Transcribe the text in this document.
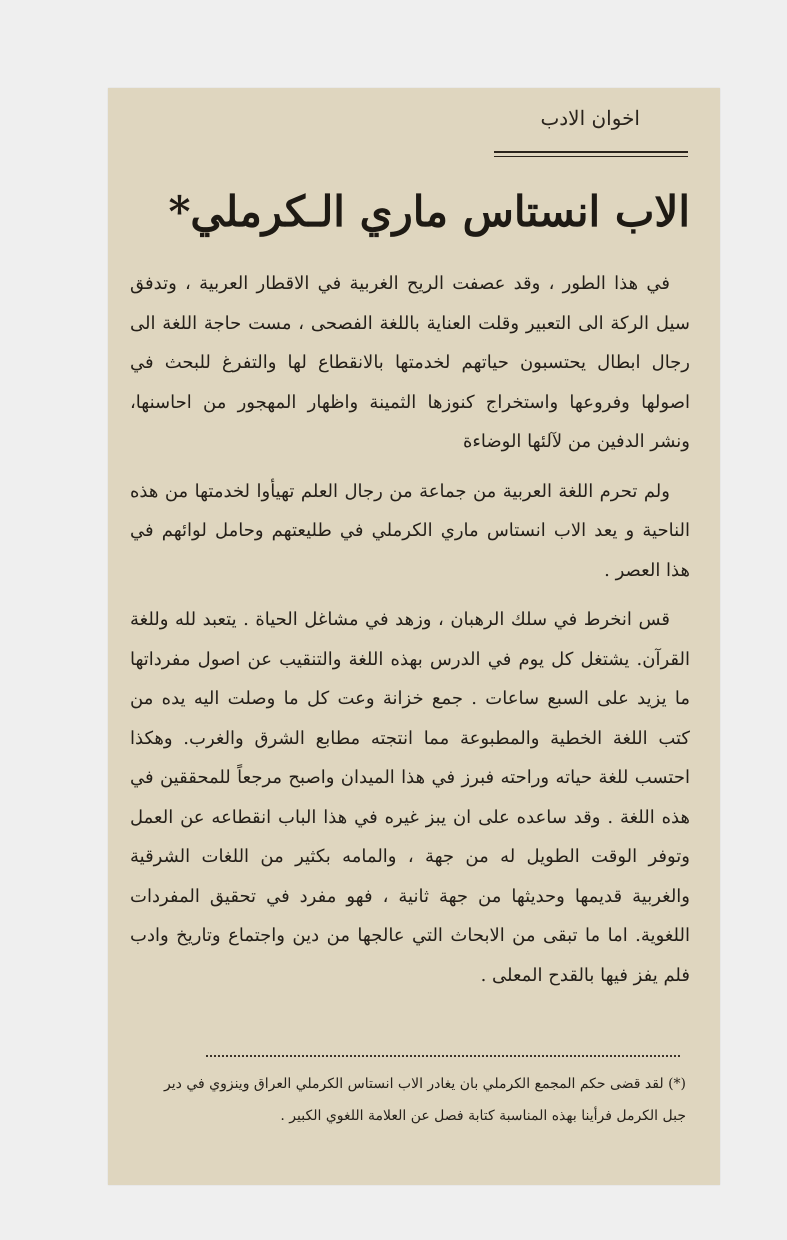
اخوان الادب
الاب انستاس ماري الـكرملي*

في هذا الطور ، وقد عصفت الريح الغربية في الاقطار العربية ، وتدفق سيل الركة الى التعبير وقلت العناية باللغة الفصحى ، مست حاجة اللغة الى رجال ابطال يحتسبون حياتهم لخدمتها بالانقطاع لها والتفرغ للبحث في اصولها وفروعها واستخراج كنوزها الثمينة واظهار المهجور من احاسنها، ونشر الدفين من لآلئها الوضاءة

ولم تحرم اللغة العربية من جماعة من رجال العلم تهيأوا لخدمتها من هذه الناحية و يعد الاب انستاس ماري الكرملي في طليعتهم وحامل لوائهم في هذا العصر .

قس انخرط في سلك الرهبان ، وزهد في مشاغل الحياة . يتعبد لله وللغة القرآن. يشتغل كل يوم في الدرس بهذه اللغة والتنقيب عن اصول مفرداتها ما يزيد على السبع ساعات . جمع خزانة وعت كل ما وصلت اليه يده من كتب اللغة الخطية والمطبوعة مما انتجته مطابع الشرق والغرب. وهكذا احتسب للغة حياته وراحته فبرز في هذا الميدان واصبح مرجعاً للمحققين في هذه اللغة . وقد ساعده على ان يبز غيره في هذا الباب انقطاعه عن العمل وتوفر الوقت الطويل له من جهة ، والمامه بكثير من اللغات الشرقية والغربية قديمها وحديثها من جهة ثانية ، فهو مفرد في تحقيق المفردات اللغوية. اما ما تبقى من الابحاث التي عالجها من دين واجتماع وتاريخ وادب فلم يفز فيها بالقدح المعلى .

(*) لقد قضى حكم المجمع الكرملي بان يغادر الاب انستاس الكرملي العراق وينزوي في دير جبل الكرمل فرأينا بهذه المناسبة كتابة فصل عن العلامة اللغوي الكبير .
